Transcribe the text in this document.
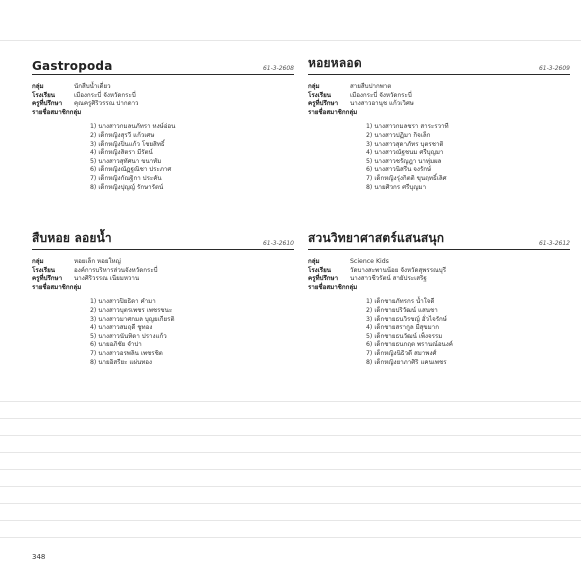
Gastropoda	61-3-2608
กลุ่ม	นักสืบน้ำเดี่ยว
โรงเรียน	เมืองกระบี่ จังหวัดกระบี่
ครูที่ปรึกษา	คุณครูศิริวรรณ ปากดาว
รายชื่อสมาชิกกลุ่ม
1) นางสาวกมลนภัทรา หงษ์อ่อน
2) เด็กหญิงสุรวี แก้วเศษ
3) เด็กหญิงปิ่นแก้ว โชยสิทธิ์
4) เด็กหญิงสิตรา มีรัตน์
5) นางสาวสุทัศนา ขนาทัม
6) เด็กหญิงณัฏฐณิชา ประภาศ
7) เด็กหญิงกัณฐิกา ประคัน
8) เด็กหญิงปุญญ์ รักษารัตน์
สืบหอย ลอยน้ำ	61-3-2610
กลุ่ม	หอยเล็ก หอยใหญ่
โรงเรียน	องค์การบริหารส่วนจังหวัดกระบี่
ครูที่ปรึกษา	นางศิริวรรณ เนียมหวาน
รายชื่อสมาชิกกลุ่ม
1) นางสาวปิยธิดา คำมา
2) นางสาวบุตรเพชร เพชรชนะ
3) นางสาวมาศกมล บุญยเกียรติ
4) นางสาวสมฤดี ชูทอง
5) นางสาวนันทิดา ปรางแก้ว
6) นายอภิชัย จำปา
7) นางสาวอรพลิน เพชรชิต
8) นายอิสรียะ แผ่นทอง
หอยหลอด	61-3-2609
กลุ่ม	สายสืบปากพาต
โรงเรียน	เมืองกระบี่ จังหวัดกระบี่
ครูที่ปรึกษา	นางสาวอานุช แก้วเวิศษ
รายชื่อสมาชิกกลุ่ม
1) นางสาวกมลชรา สาระรวาที
2) นางสาวปฏิมา กิจเล็ก
3) นางสาวสุดาภัทร บุตรชาติ
4) นางสาวณัฐชนม ศรีบุญมา
5) นางสาวชรัญฎา นาทุ่มผล
6) นางสาวนิสรีน จงรักษ์
7) เด็กหญิงรุ่งกิตติ ขุนฤทธิ์เลิศ
8) นายศิวกร ศรีบุญมา
สวนวิทยาศาสตร์แสนสนุก	61-3-2612
กลุ่ม	Science Kids
โรงเรียน	วัดบางสะพานน้อย จังหวัดสุพรรณบุรี
ครูที่ปรึกษา	นางสาวชีวรัตน์ สายัประเสริฐ
รายชื่อสมาชิกกลุ่ม
1) เด็กชายภัทรกร น้ำใจดี
2) เด็กชายปริวัฒน์ แสนชา
3) เด็กชายธนวิรชญ์ ฮั่วไจรักษ์
4) เด็กชายสรากูล มีสุขมาก
5) เด็กชายธนวัฒน์ เพ็งจรรม
6) เด็กชายธนกฤต พรานณ์อนงค์
7) เด็กหญิงนิธิวดี สมาพงศ์
8) เด็กหญิงยาภาศิริ แคนเพชร
348
